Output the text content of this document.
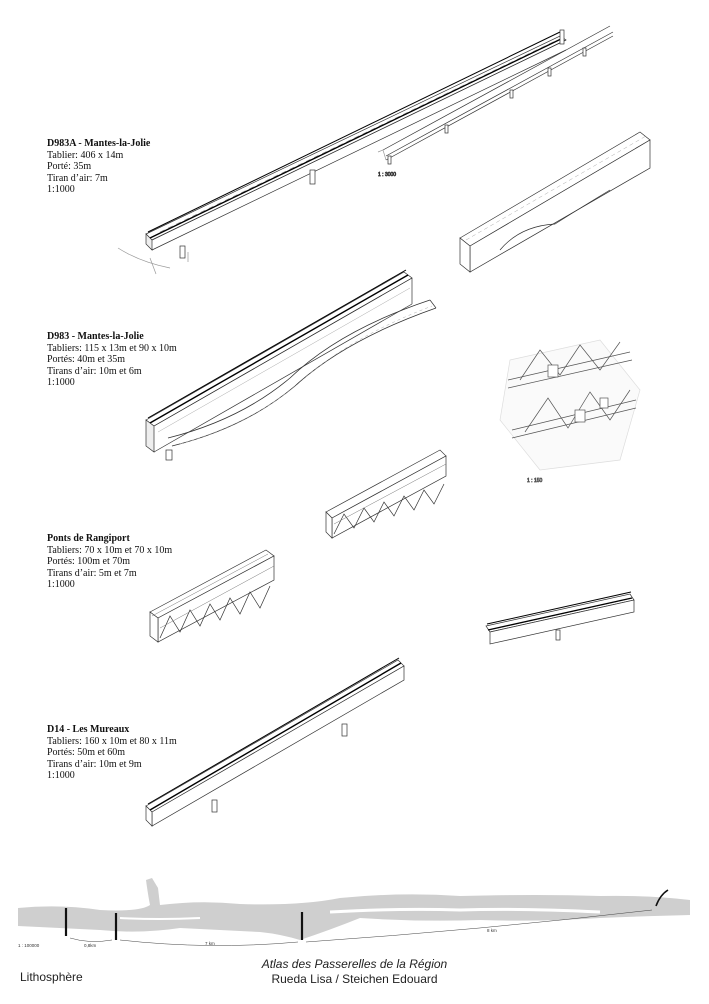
1 : 3000
1 : 150
1 : 100000	0,8km	7 km
8 km
D983A - Mantes-la-Jolie
Tablier: 406 x 14m
Porté: 35m
Tiran d’air: 7m
1:1000
D983 - Mantes-la-Jolie
Tabliers: 115 x 13m et 90 x 10m
Portés: 40m et 35m
Tirans d’air: 10m et 6m
1:1000
Ponts de Rangiport
Tabliers: 70 x 10m et 70 x 10m
Portés: 100m et 70m
Tirans d’air: 5m et 7m
1:1000
D14 - Les Mureaux
Tabliers: 160 x 10m et 80 x 11m
Portés: 50m et 60m
Tirans d’air: 10m et 9m
1:1000
Lithosphère
Atlas des Passerelles de la Région
Rueda Lisa / Steichen Edouard
